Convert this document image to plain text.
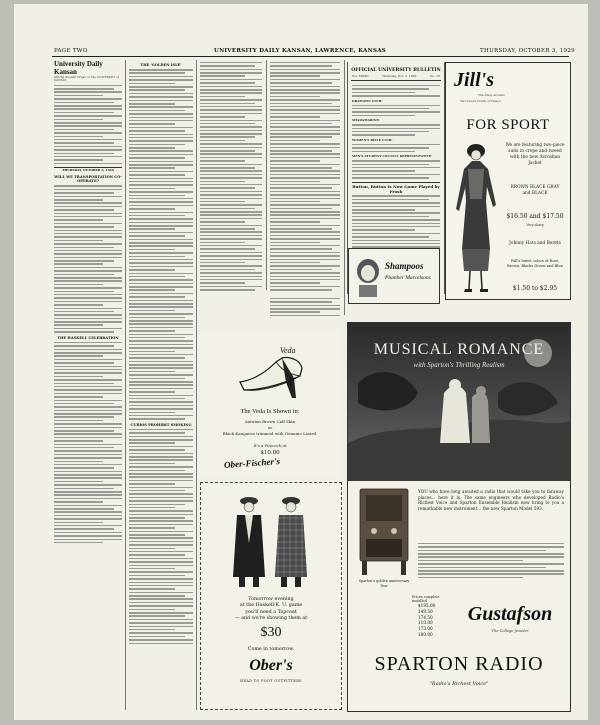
PAGE TWO	UNIVERSITY DAILY KANSAN, LAWRENCE, KANSAS	THURSDAY, OCTOBER 3, 1929
University Daily Kansan
Official Student Organ of The UNIVERSITY of KANSAS
THURSDAY, OCTOBER 3, 1929
WILL WE TRANSPORTATION CO-OPERATE?
THE HASKELL CELEBRATION
THE 'GOLDEN ISLE'
CURIOS PROHIBIT SMOKING
OFFICIAL UNIVERSITY BULLETIN
Vol. XXVIII	Thursday, Oct. 3, 1929	No. 15
DRAMATIC CLUB:
SHADAMARINE:
WOMEN'S RIFLE CLUB:
MEN'S STUDENT COUNCIL REPRESENTATIVE:
Button, Button Is Now Game Played by Frosh
Jill's
The Shop Around
Two Doors North of Ober's
FOR SPORT
We are featuring two-piece suits in crepe and tweed with the new Avroshan Jacket
BROWN BLACK GRAY and BLACK
$16.50 and $17.50
Very sharp
Johnny Hats and Berets
Fall's latest colors of Rust, Brown, Blacks Green and Blue
$1.50 to $2.95
Shampoos
Plumber Marcelsons
Veda
The Veda Is Shown in:
Autumn Brown Calf Skin
or
Black Kangaroo trimmed with Genuine Lizard.
It's a Peacock at
$10.00
Ober-Fischer's
Tomorrow evening
at the Haskell-K. U. game
you'll need a Topcoat
— and we're showing them at
$30
Come in tomorrow.
Ober's
HEAD TO FOOT OUTFITTERS
MUSICAL ROMANCE
with Sparton's Thrilling Realism
Sparton's golden anniversary Tear
YOU who have long awaited a radio that would take you to faraway places... here it is. The same engineers who developed Radio's Richest Voice and Sparton Ensemble Realism now bring to you a remarkable new instrument... the new Sparton Model 593.
Prices complete installed
$195.00
149.50
174.50
110.00
173.00
180.00
Gustafson
The College Jeweler
SPARTON RADIO
"Radio's Richest Voice"
